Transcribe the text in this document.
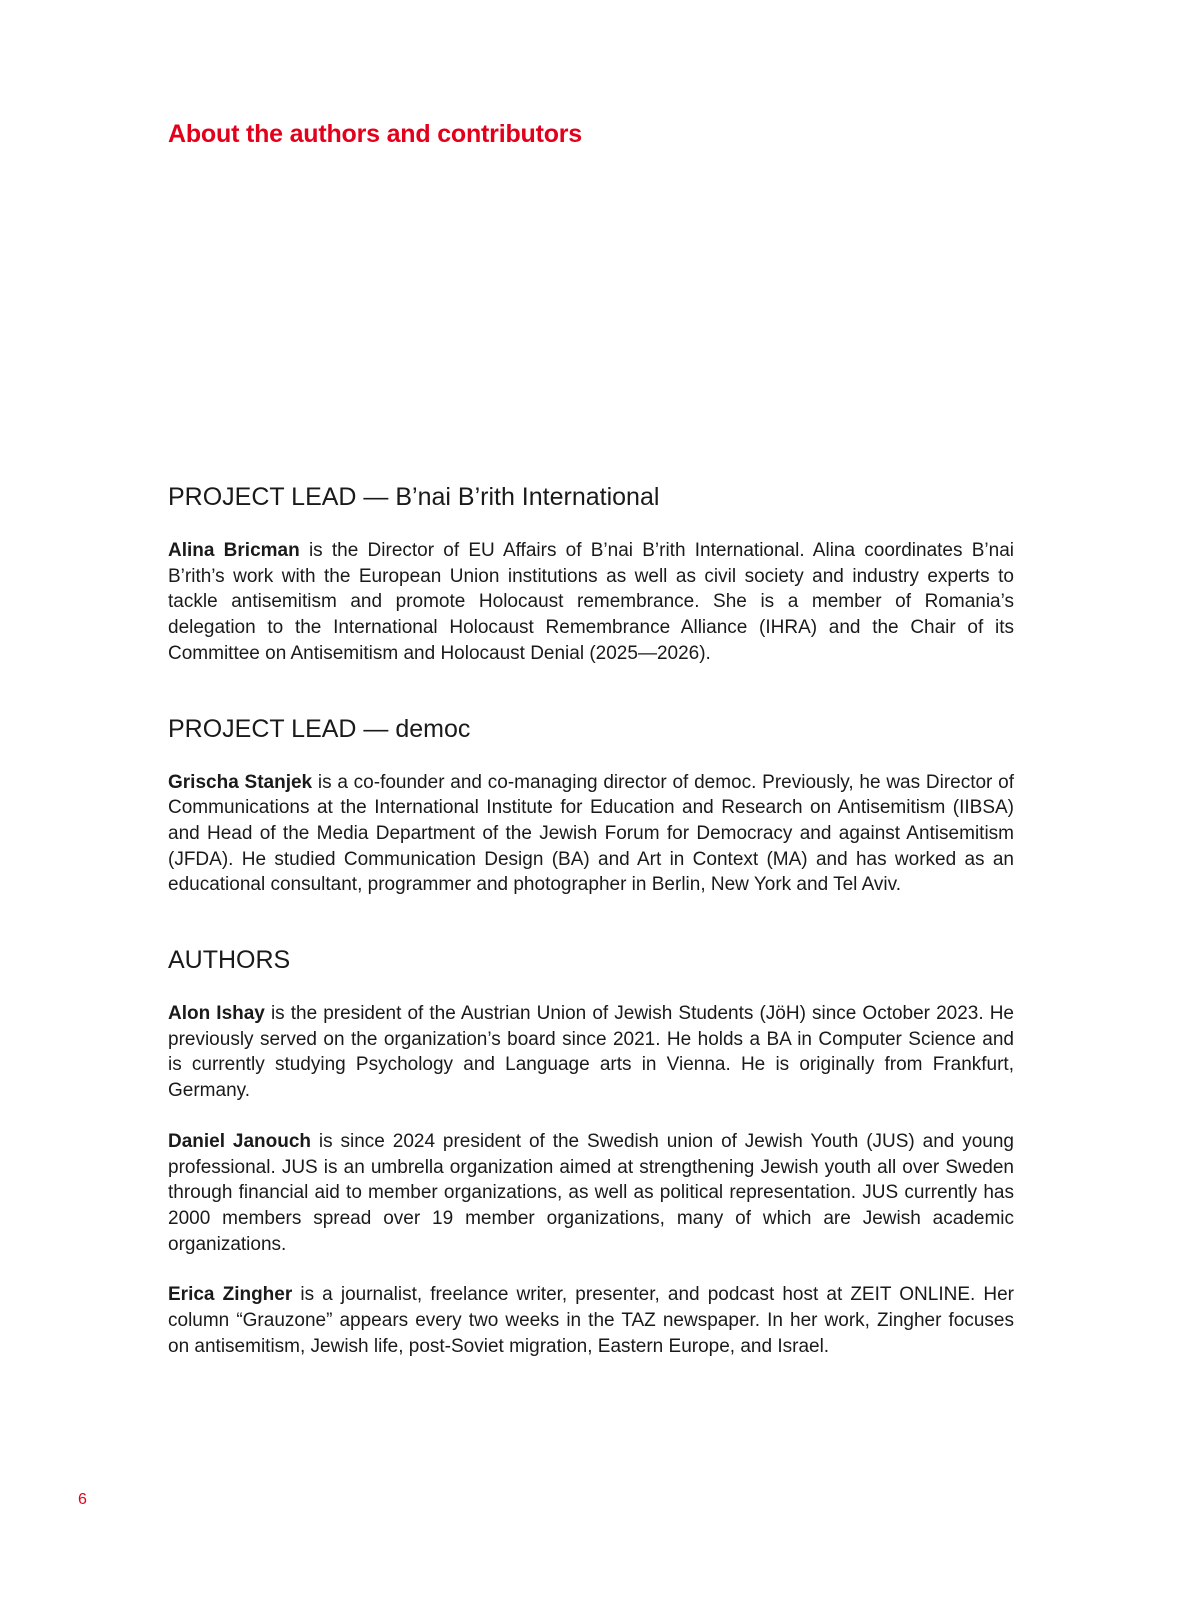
About the authors and contributors
PROJECT LEAD — B’nai B’rith International

Alina Bricman is the Director of EU Affairs of B’nai B’rith International. Alina coordinates B’nai B’rith’s work with the European Union institutions as well as civil society and industry experts to tackle antisemitism and promote Holocaust remembrance. She is a member of Romania’s delegation to the International Holocaust Remembrance Alliance (IHRA) and the Chair of its Committee on Antisemitism and Holocaust Denial (2025—2026).

PROJECT LEAD — democ

Grischa Stanjek is a co-founder and co-managing director of democ. Previously, he was Director of Communications at the International Institute for Education and Research on Antisemitism (IIBSA) and Head of the Media Department of the Jewish Forum for Democracy and against Antisemitism (JFDA). He studied Communication Design (BA) and Art in Context (MA) and has worked as an educational consultant, programmer and photographer in Berlin, New York and Tel Aviv.

AUTHORS

Alon Ishay is the president of the Austrian Union of Jewish Students (JöH) since October 2023. He previously served on the organization’s board since 2021. He holds a BA in Computer Science and is currently studying Psychology and Language arts in Vienna. He is originally from Frankfurt, Germany.

Daniel Janouch is since 2024 president of the Swedish union of Jewish Youth (JUS) and young professional. JUS is an umbrella organization aimed at strengthening Jewish youth all over Sweden through financial aid to member organizations, as well as political representation. JUS currently has 2000 members spread over 19 member organizations, many of which are Jewish academic organizations.

Erica Zingher is a journalist, freelance writer, presenter, and podcast host at ZEIT ONLINE. Her column “Grauzone” appears every two weeks in the TAZ newspaper. In her work, Zingher focuses on antisemitism, Jewish life, post-Soviet migration, Eastern Europe, and Israel.

6
